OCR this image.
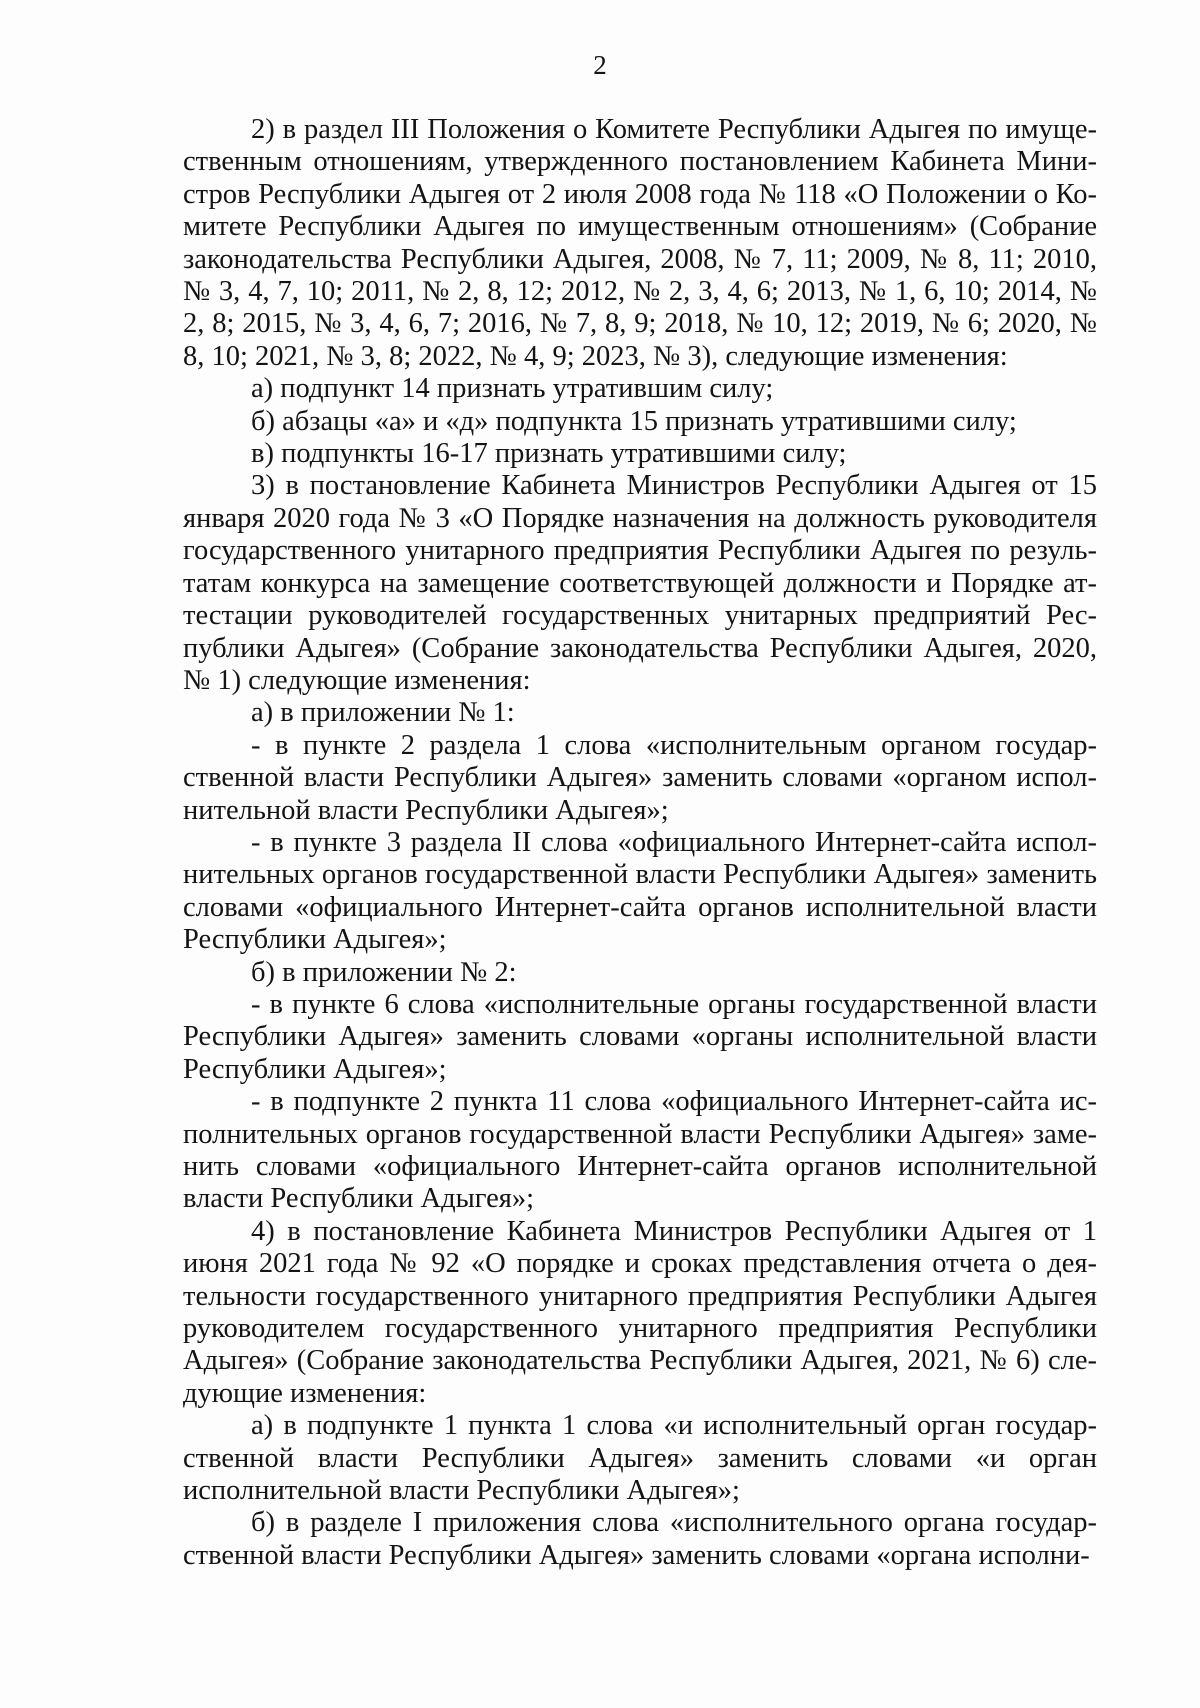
2

2) в раздел III Положения о Комитете Республики Адыгея по имущественным отношениям, утвержденного постановлением Кабинета Министров Республики Адыгея от 2 июля 2008 года № 118 «О Положении о Комитете Республики Адыгея по имущественным отношениям» (Собрание законодательства Республики Адыгея, 2008, № 7, 11; 2009, № 8, 11; 2010, № 3, 4, 7, 10; 2011, № 2, 8, 12; 2012, № 2, 3, 4, 6; 2013, № 1, 6, 10; 2014, № 2, 8; 2015, № 3, 4, 6, 7; 2016, № 7, 8, 9; 2018, № 10, 12; 2019, № 6; 2020, № 8, 10; 2021, № 3, 8; 2022, № 4, 9; 2023, № 3), следующие изменения:

а) подпункт 14 признать утратившим силу;

б) абзацы «а» и «д» подпункта 15 признать утратившими силу;

в) подпункты 16-17 признать утратившими силу;

3) в постановление Кабинета Министров Республики Адыгея от 15 января 2020 года № 3 «О Порядке назначения на должность руководителя государственного унитарного предприятия Республики Адыгея по результатам конкурса на замещение соответствующей должности и Порядке аттестации руководителей государственных унитарных предприятий Республики Адыгея» (Собрание законодательства Республики Адыгея, 2020, № 1) следующие изменения:

а) в приложении № 1:

- в пункте 2 раздела 1 слова «исполнительным органом государственной власти Республики Адыгея» заменить словами «органом исполнительной власти Республики Адыгея»;

- в пункте 3 раздела II слова «официального Интернет-сайта исполнительных органов государственной власти Республики Адыгея» заменить словами «официального Интернет-сайта органов исполнительной власти Республики Адыгея»;

б) в приложении № 2:

- в пункте 6 слова «исполнительные органы государственной власти Республики Адыгея» заменить словами «органы исполнительной власти Республики Адыгея»;

- в подпункте 2 пункта 11 слова «официального Интернет-сайта исполнительных органов государственной власти Республики Адыгея» заменить словами «официального Интернет-сайта органов исполнительной власти Республики Адыгея»;

4) в постановление Кабинета Министров Республики Адыгея от 1 июня 2021 года № 92 «О порядке и сроках представления отчета о деятельности государственного унитарного предприятия Республики Адыгея руководителем государственного унитарного предприятия Республики Адыгея» (Собрание законодательства Республики Адыгея, 2021, № 6) следующие изменения:

а) в подпункте 1 пункта 1 слова «и исполнительный орган государственной власти Республики Адыгея» заменить словами «и орган исполнительной власти Республики Адыгея»;

б) в разделе I приложения слова «исполнительного органа государственной власти Республики Адыгея» заменить словами «органа исполни-
